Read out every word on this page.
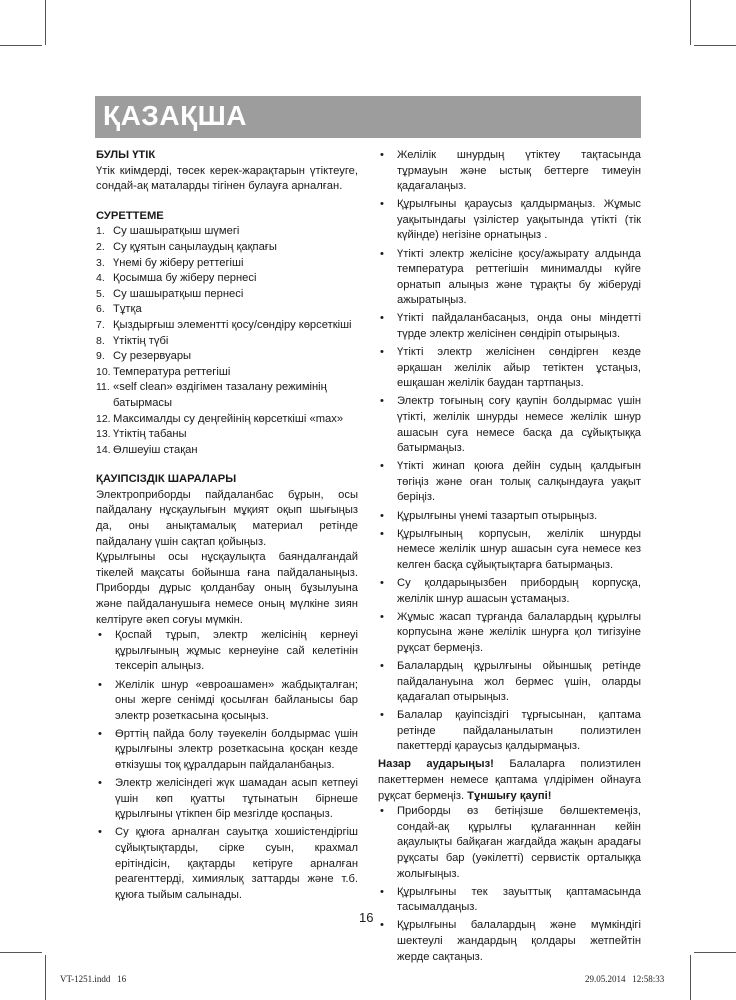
ҚАЗАҚША

БУЛЫ ҮТІК

Үтік киімдерді, төсек керек-жарақтарын үтіктеуге, сондай-ақ маталарды тігінен булауға арналған.

СУРЕТТЕМЕ

1. Су шашыратқыш шүмегі
2. Су құятын саңылаудың қақпағы
3. Үнемі бу жіберу реттегіші
4. Қосымша бу жіберу пернесі
5. Су шашыратқыш пернесі
6. Тұтқа
7. Қыздырғыш элементті қосу/сөндіру көрсеткіші
8. Үтіктің түбі
9. Су резервуары
10. Температура реттегіші
11. «self clean» өздігімен тазалану режимінің батырмасы
12. Максималды су деңгейінің көрсеткіші «max»
13. Үтіктің табаны
14. Өлшеуіш стақан

ҚАУІПСІЗДІК ШАРАЛАРЫ

Электроприборды пайдаланбас бұрын, осы пайдалану нұсқаулығын мұқият оқып шығыңыз да, оны анықтамалық материал ретінде пайдалану үшін сақтап қойыңыз.

Құрылғыны осы нұсқаулықта баяндалғандай тікелей мақсаты бойынша ғана пайдаланыңыз. Приборды дұрыс қолданбау оның бұзылуына және пайдаланушыға немесе оның мүлкіне зиян келтіруге әкеп соғуы мүмкін.

• Қоспай тұрып, электр желісінің кернеуі құрылғының жұмыс кернеуіне сай келетінін тексеріп алыңыз.
• Желілік шнур «евроашамен» жабдықталған; оны жерге сенімді қосылған байланысы бар электр розеткасына қосыңыз.
• Өрттің пайда болу тәуекелін болдырмас үшін құрылғыны электр розеткасына қосқан кезде өткізушы тоқ құралдарын пайдаланбаңыз.
• Электр желісіндегі жүк шамадан асып кетпеуі үшін көп қуатты тұтынатын бірнеше құрылғыны үтікпен бір мезгілде қоспаңыз.
• Су құюға арналған сауытқа хошиістендіргіш сұйықтықтарды, сірке суын, крахмал ерітіндісін, қақтарды кетіруге арналған реагенттерді, химиялық заттарды және т.б. құюға тыйым салынады.
• Желілік шнурдың үтіктеу тақтасында тұрмауын және ыстық беттерге тимеуін қадағалаңыз.
• Құрылғыны қараусыз қалдырмаңыз. Жұмыс уақытындағы үзілістер уақытында үтікті (тік күйінде) негізіне орнатыңыз .
• Үтікті электр желісіне қосу/ажырату алдында температура реттегішін минималды күйге орнатып алыңыз және тұрақты бу жіберуді ажыратыңыз.
• Үтікті пайдаланбасаңыз, онда оны міндетті түрде электр желісінен сөндіріп отырыңыз.
• Үтікті электр желісінен сөндірген кезде әрқашан желілік айыр тетіктен ұстаңыз, ешқашан желілік баудан тартпаңыз.
• Электр тоғының соғу қаупін болдырмас үшін үтікті, желілік шнурды немесе желілік шнур ашасын суға немесе басқа да сұйықтыққа батырмаңыз.
• Үтікті жинап қоюға дейін судың қалдығын төгіңіз және оған толық салқындауға уақыт беріңіз.
• Құрылғыны үнемі тазартып отырыңыз.
• Құрылғының корпусын, желілік шнурды немесе желілік шнур ашасын суға немесе кез келген басқа сұйықтықтарға батырмаңыз.
• Су қолдарыңызбен прибордың корпусқа, желілік шнур ашасын ұстамаңыз.
• Жұмыс жасап тұрғанда балалардың құрылғы корпусына және желілік шнурға қол тигізуіне рұқсат бермеңіз.
• Балалардың құрылғыны ойыншық ретінде пайдалануына жол бермес үшін, оларды қадағалап отырыңыз.
• Балалар қауіпсіздігі тұрғысынан, қаптама ретінде пайдаланылатын полиэтилен пакеттерді қараусыз қалдырмаңыз.

Назар аударыңыз! Балаларға полиэтилен пакеттермен немесе қаптама үлдірімен ойнауға рұқсат бермеңіз. Тұншығу қаупі!

• Приборды өз бетіңізше бөлшектемеңіз, сондай-ақ құрылғы құлағанннан кейін ақаулықты байқаған жағдайда жақын арадағы рұқсаты бар (уәкілетті) сервистік орталыққа жолығыңыз.
• Құрылғыны тек зауыттық қаптамасында тасымалдаңыз.
• Құрылғыны балалардың және мүмкіндігі шектеулі жандардың қолдары жетпейтін жерде сақтаңыз.
16
VT-1251.indd   16	29.05.2014   12:58:33
